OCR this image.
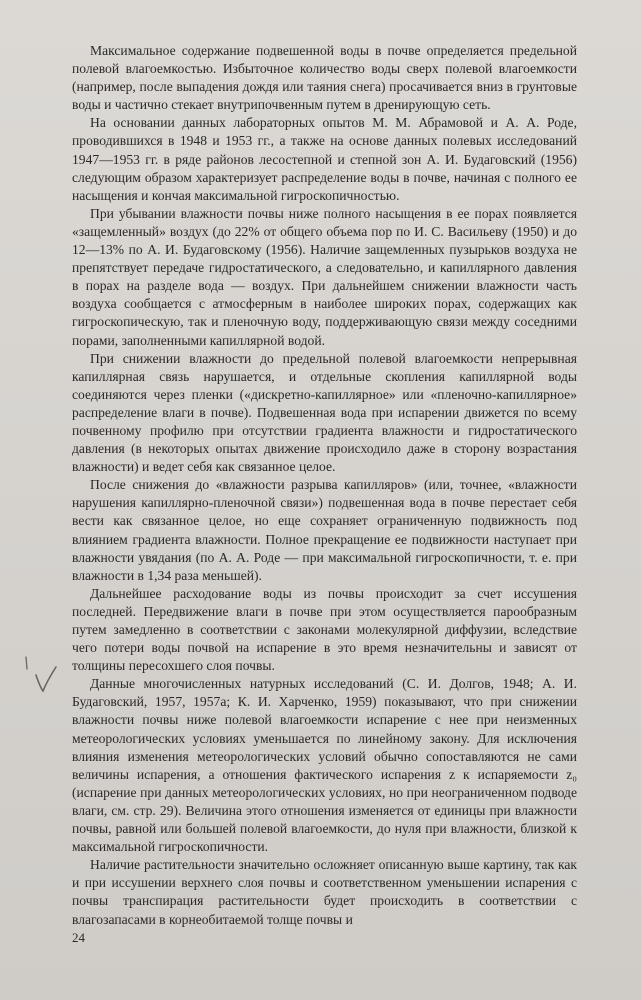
Максимальное содержание подвешенной воды в почве определяется предельной полевой влагоемкостью. Избыточное количество воды сверх полевой влагоемкости (например, после выпадения дождя или таяния снега) просачивается вниз в грунтовые воды и частично стекает внутрипочвенным путем в дренирующую сеть.

На основании данных лабораторных опытов М. М. Абрамовой и А. А. Роде, проводившихся в 1948 и 1953 гг., а также на основе данных полевых исследований 1947—1953 гг. в ряде районов лесостепной и степной зон А. И. Будаговский (1956) следующим образом характеризует распределение воды в почве, начиная с полного ее насыщения и кончая максимальной гигроскопичностью.

При убывании влажности почвы ниже полного насыщения в ее порах появляется «защемленный» воздух (до 22% от общего объема пор по И. С. Васильеву (1950) и до 12—13% по А. И. Будаговскому (1956). Наличие защемленных пузырьков воздуха не препятствует передаче гидростатического, а следовательно, и капиллярного давления в порах на разделе вода — воздух. При дальнейшем снижении влажности часть воздуха сообщается с атмосферным в наиболее широких порах, содержащих как гигроскопическую, так и пленочную воду, поддерживающую связи между соседними порами, заполненными капиллярной водой.

При снижении влажности до предельной полевой влагоемкости непрерывная капиллярная связь нарушается, и отдельные скопления капиллярной воды соединяются через пленки («дискретно-капиллярное» или «пленочно-капиллярное» распределение влаги в почве). Подвешенная вода при испарении движется по всему почвенному профилю при отсутствии градиента влажности и гидростатического давления (в некоторых опытах движение происходило даже в сторону возрастания влажности) и ведет себя как связанное целое.

После снижения до «влажности разрыва капилляров» (или, точнее, «влажности нарушения капиллярно-пленочной связи») подвешенная вода в почве перестает себя вести как связанное целое, но еще сохраняет ограниченную подвижность под влиянием градиента влажности. Полное прекращение ее подвижности наступает при влажности увядания (по А. А. Роде — при максимальной гигроскопичности, т. е. при влажности в 1,34 раза меньшей).

Дальнейшее расходование воды из почвы происходит за счет иссушения последней. Передвижение влаги в почве при этом осуществляется парообразным путем замедленно в соответствии с законами молекулярной диффузии, вследствие чего потери воды почвой на испарение в это время незначительны и зависят от толщины пересохшего слоя почвы.

Данные многочисленных натурных исследований (С. И. Долгов, 1948; А. И. Будаговский, 1957, 1957а; К. И. Харченко, 1959) показывают, что при снижении влажности почвы ниже полевой влагоемкости испарение с нее при неизменных метеорологических условиях уменьшается по линейному закону. Для исключения влияния изменения метеорологических условий обычно сопоставляются не сами величины испарения, а отношения фактического испарения z к испаряемости z₀ (испарение при данных метеорологических условиях, но при неограниченном подводе влаги, см. стр. 29). Величина этого отношения изменяется от единицы при влажности почвы, равной или большей полевой влагоемкости, до нуля при влажности, близкой к максимальной гигроскопичности.

Наличие растительности значительно осложняет описанную выше картину, так как и при иссушении верхнего слоя почвы и соответственном уменьшении испарения с почвы транспирация растительности будет происходить в соответствии с влагозапасами в корнеобитаемой толще почвы и

24
